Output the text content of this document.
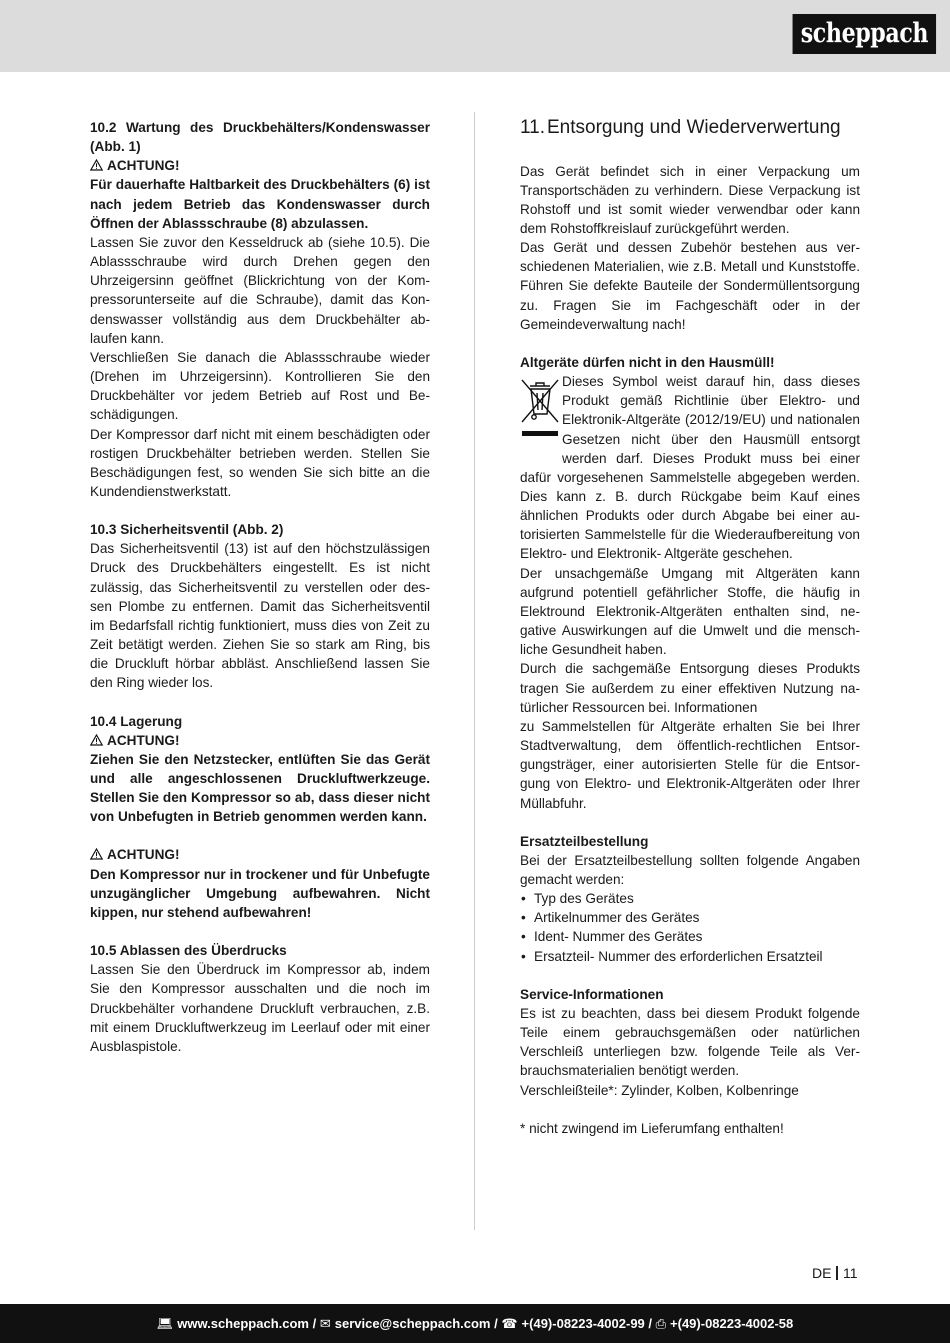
scheppach

10.2 Wartung des Druckbehälters/Kondenswasser (Abb. 1)

ACHTUNG!

Für dauerhafte Haltbarkeit des Druckbehälters (6) ist nach jedem Betrieb das Kondenswasser durch Öffnen der Ablassschraube (8) abzulassen.

Lassen Sie zuvor den Kesseldruck ab (siehe 10.5). Die Ablassschraube wird durch Drehen gegen den Uhrzeigersinn geöffnet (Blickrichtung von der Kompressorunterseite auf die Schraube), damit das Kondenswasser vollständig aus dem Druckbehälter ablaufen kann.

Verschließen Sie danach die Ablassschraube wieder (Drehen im Uhrzeigersinn). Kontrollieren Sie den Druckbehälter vor jedem Betrieb auf Rost und Beschädigungen.

Der Kompressor darf nicht mit einem beschädigten oder rostigen Druckbehälter betrieben werden. Stellen Sie Beschädigungen fest, so wenden Sie sich bitte an die Kundendienstwerkstatt.

10.3 Sicherheitsventil (Abb. 2)

Das Sicherheitsventil (13) ist auf den höchstzulässigen Druck des Druckbehälters eingestellt. Es ist nicht zulässig, das Sicherheitsventil zu verstellen oder dessen Plombe zu entfernen. Damit das Sicherheitsventil im Bedarfsfall richtig funktioniert, muss dies von Zeit zu Zeit betätigt werden. Ziehen Sie so stark am Ring, bis die Druckluft hörbar abbläst. Anschließend lassen Sie den Ring wieder los.

10.4 Lagerung

ACHTUNG!

Ziehen Sie den Netzstecker, entlüften Sie das Gerät und alle angeschlossenen Druckluftwerkzeuge. Stellen Sie den Kompressor so ab, dass dieser nicht von Unbefugten in Betrieb genommen werden kann.

ACHTUNG!

Den Kompressor nur in trockener und für Unbefugte unzugänglicher Umgebung aufbewahren. Nicht kippen, nur stehend aufbewahren!

10.5 Ablassen des Überdrucks

Lassen Sie den Überdruck im Kompressor ab, indem Sie den Kompressor ausschalten und die noch im Druckbehälter vorhandene Druckluft verbrauchen, z.B. mit einem Druckluftwerkzeug im Leerlauf oder mit einer Ausblaspistole.

11. Entsorgung und Wiederverwertung

Das Gerät befindet sich in einer Verpackung um Transportschäden zu verhindern. Diese Verpackung ist Rohstoff und ist somit wieder verwendbar oder kann dem Rohstoffkreislauf zurückgeführt werden.

Das Gerät und dessen Zubehör bestehen aus verschiedenen Materialien, wie z.B. Metall und Kunststoffe. Führen Sie defekte Bauteile der Sondermüllentsorgung zu. Fragen Sie im Fachgeschäft oder in der Gemeindeverwaltung nach!

Altgeräte dürfen nicht in den Hausmüll!

Dieses Symbol weist darauf hin, dass dieses Produkt gemäß Richtlinie über Elektro- und Elektronik-Altgeräte (2012/19/EU) und nationalen Gesetzen nicht über den Hausmüll entsorgt werden darf. Dieses Produkt muss bei einer dafür vorgesehenen Sammelstelle abgegeben werden. Dies kann z. B. durch Rückgabe beim Kauf eines ähnlichen Produkts oder durch Abgabe bei einer autorisierten Sammelstelle für die Wiederaufbereitung von Elektro- und Elektronik- Altgeräte geschehen.

Der unsachgemäße Umgang mit Altgeräten kann aufgrund potentiell gefährlicher Stoffe, die häufig in Elektround Elektronik-Altgeräten enthalten sind, negative Auswirkungen auf die Umwelt und die menschliche Gesundheit haben.

Durch die sachgemäße Entsorgung dieses Produkts tragen Sie außerdem zu einer effektiven Nutzung natürlicher Ressourcen bei. Informationen

zu Sammelstellen für Altgeräte erhalten Sie bei Ihrer Stadtverwaltung, dem öffentlich-rechtlichen Entsorgungsträger, einer autorisierten Stelle für die Entsorgung von Elektro- und Elektronik-Altgeräten oder Ihrer Müllabfuhr.

Ersatzteilbestellung

Bei der Ersatzteilbestellung sollten folgende Angaben gemacht werden:

• Typ des Gerätes
• Artikelnummer des Gerätes
• Ident- Nummer des Gerätes
• Ersatzteil- Nummer des erforderlichen Ersatzteil

Service-Informationen

Es ist zu beachten, dass bei diesem Produkt folgende Teile einem gebrauchsgemäßen oder natürlichen Verschleiß unterliegen bzw. folgende Teile als Verbrauchsmaterialien benötigt werden.

Verschleißteile*: Zylinder, Kolben, Kolbenringe

* nicht zwingend im Lieferumfang enthalten!

DE 11
💻︎ www.scheppach.com / ✉︎ service@scheppach.com / ☎︎ +(49)-08223-4002-99 / ⎙ +(49)-08223-4002-58
